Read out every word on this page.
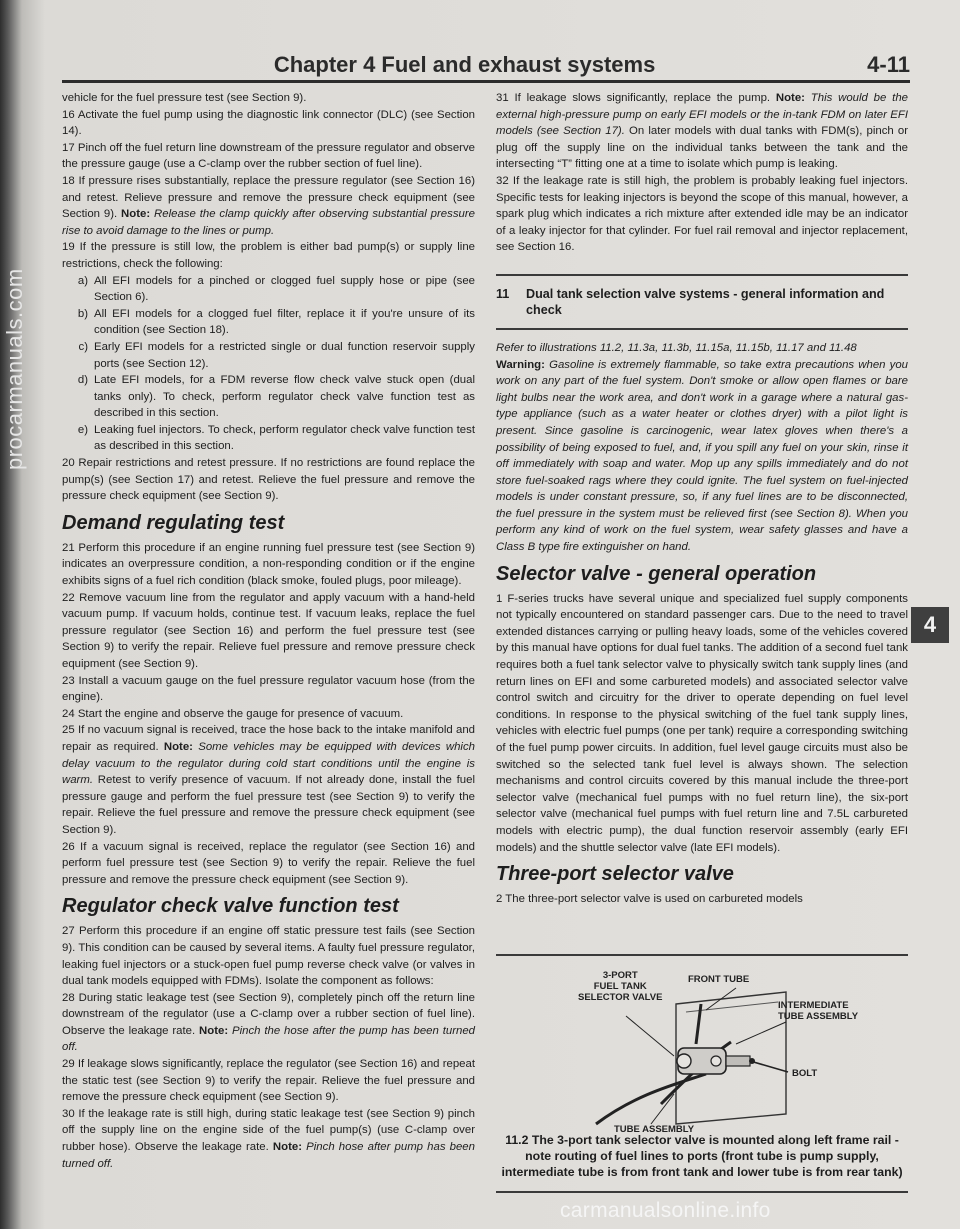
procarmanuals.com
Chapter 4 Fuel and exhaust systems	4-11

vehicle for the fuel pressure test (see Section 9).

16 Activate the fuel pump using the diagnostic link connector (DLC) (see Section 14).

17 Pinch off the fuel return line downstream of the pressure regulator and observe the pressure gauge (use a C-clamp over the rubber section of fuel line).

18 If pressure rises substantially, replace the pressure regulator (see Section 16) and retest. Relieve pressure and remove the pressure check equipment (see Section 9). Note: Release the clamp quickly after observing substantial pressure rise to avoid damage to the lines or pump.

19 If the pressure is still low, the problem is either bad pump(s) or supply line restrictions, check the following:

a) All EFI models for a pinched or clogged fuel supply hose or pipe (see Section 6).
b) All EFI models for a clogged fuel filter, replace it if you're unsure of its condition (see Section 18).
c) Early EFI models for a restricted single or dual function reservoir supply ports (see Section 12).
d) Late EFI models, for a FDM reverse flow check valve stuck open (dual tanks only). To check, perform regulator check valve function test as described in this section.
e) Leaking fuel injectors. To check, perform regulator check valve function test as described in this section.

20 Repair restrictions and retest pressure. If no restrictions are found replace the pump(s) (see Section 17) and retest. Relieve the fuel pressure and remove the pressure check equipment (see Section 9).

Demand regulating test

21 Perform this procedure if an engine running fuel pressure test (see Section 9) indicates an overpressure condition, a non-responding condition or if the engine exhibits signs of a fuel rich condition (black smoke, fouled plugs, poor mileage).

22 Remove vacuum line from the regulator and apply vacuum with a hand-held vacuum pump. If vacuum holds, continue test. If vacuum leaks, replace the fuel pressure regulator (see Section 16) and perform the fuel pressure test (see Section 9) to verify the repair. Relieve fuel pressure and remove pressure check equipment (see Section 9).

23 Install a vacuum gauge on the fuel pressure regulator vacuum hose (from the engine).

24 Start the engine and observe the gauge for presence of vacuum.

25 If no vacuum signal is received, trace the hose back to the intake manifold and repair as required. Note: Some vehicles may be equipped with devices which delay vacuum to the regulator during cold start conditions until the engine is warm. Retest to verify presence of vacuum. If not already done, install the fuel pressure gauge and perform the fuel pressure test (see Section 9) to verify the repair. Relieve the fuel pressure and remove the pressure check equipment (see Section 9).

26 If a vacuum signal is received, replace the regulator (see Section 16) and perform fuel pressure test (see Section 9) to verify the repair. Relieve the fuel pressure and remove the pressure check equipment (see Section 9).

Regulator check valve function test

27 Perform this procedure if an engine off static pressure test fails (see Section 9). This condition can be caused by several items. A faulty fuel pressure regulator, leaking fuel injectors or a stuck-open fuel pump reverse check valve (or valves in dual tank models equipped with FDMs). Isolate the component as follows:

28 During static leakage test (see Section 9), completely pinch off the return line downstream of the regulator (use a C-clamp over a rubber section of fuel line). Observe the leakage rate. Note: Pinch the hose after the pump has been turned off.

29 If leakage slows significantly, replace the regulator (see Section 16) and repeat the static test (see Section 9) to verify the repair. Relieve the fuel pressure and remove the pressure check equipment (see Section 9).

30 If the leakage rate is still high, during static leakage test (see Section 9) pinch off the supply line on the engine side of the fuel pump(s) (use C-clamp over rubber hose). Observe the leakage rate. Note: Pinch hose after pump has been turned off.

31 If leakage slows significantly, replace the pump. Note: This would be the external high-pressure pump on early EFI models or the in-tank FDM on later EFI models (see Section 17). On later models with dual tanks with FDM(s), pinch or plug off the supply line on the individual tanks between the tank and the intersecting “T” fitting one at a time to isolate which pump is leaking.

32 If the leakage rate is still high, the problem is probably leaking fuel injectors. Specific tests for leaking injectors is beyond the scope of this manual, however, a spark plug which indicates a rich mixture after extended idle may be an indicator of a leaky injector for that cylinder. For fuel rail removal and injector replacement, see Section 16.

11	Dual tank selection valve systems - general information and check

Refer to illustrations 11.2, 11.3a, 11.3b, 11.15a, 11.15b, 11.17 and 11.48

Warning: Gasoline is extremely flammable, so take extra precautions when you work on any part of the fuel system. Don't smoke or allow open flames or bare light bulbs near the work area, and don't work in a garage where a natural gas-type appliance (such as a water heater or clothes dryer) with a pilot light is present. Since gasoline is carcinogenic, wear latex gloves when there's a possibility of being exposed to fuel, and, if you spill any fuel on your skin, rinse it off immediately with soap and water. Mop up any spills immediately and do not store fuel-soaked rags where they could ignite. The fuel system on fuel-injected models is under constant pressure, so, if any fuel lines are to be disconnected, the fuel pressure in the system must be relieved first (see Section 8). When you perform any kind of work on the fuel system, wear safety glasses and have a Class B type fire extinguisher on hand.

Selector valve - general operation

1 F-series trucks have several unique and specialized fuel supply components not typically encountered on standard passenger cars. Due to the need to travel extended distances carrying or pulling heavy loads, some of the vehicles covered by this manual have options for dual fuel tanks. The addition of a second fuel tank requires both a fuel tank selector valve to physically switch tank supply lines (and return lines on EFI and some carbureted models) and associated selector valve control switch and circuitry for the driver to operate depending on fuel level conditions. In response to the physical switching of the fuel tank supply lines, vehicles with electric fuel pumps (one per tank) require a corresponding switching of the fuel pump power circuits. In addition, fuel level gauge circuits must also be switched so the selected tank fuel level is always shown. The selection mechanisms and control circuits covered by this manual include the three-port selector valve (mechanical fuel pumps with no fuel return line), the six-port selector valve (mechanical fuel pumps with fuel return line and 7.5L carbureted models with electric pump), the dual function reservoir assembly (early EFI models) and the shuttle selector valve (late EFI models).

Three-port selector valve

2 The three-port selector valve is used on carbureted models

3-PORT
FUEL TANK
SELECTOR VALVE
FRONT TUBE
INTERMEDIATE
TUBE ASSEMBLY
BOLT
TUBE ASSEMBLY
11.2 The 3-port tank selector valve is mounted along left frame rail - note routing of fuel lines to ports (front tube is pump supply, intermediate tube is from front tank and lower tube is from rear tank)
4
carmanualsonline.info
